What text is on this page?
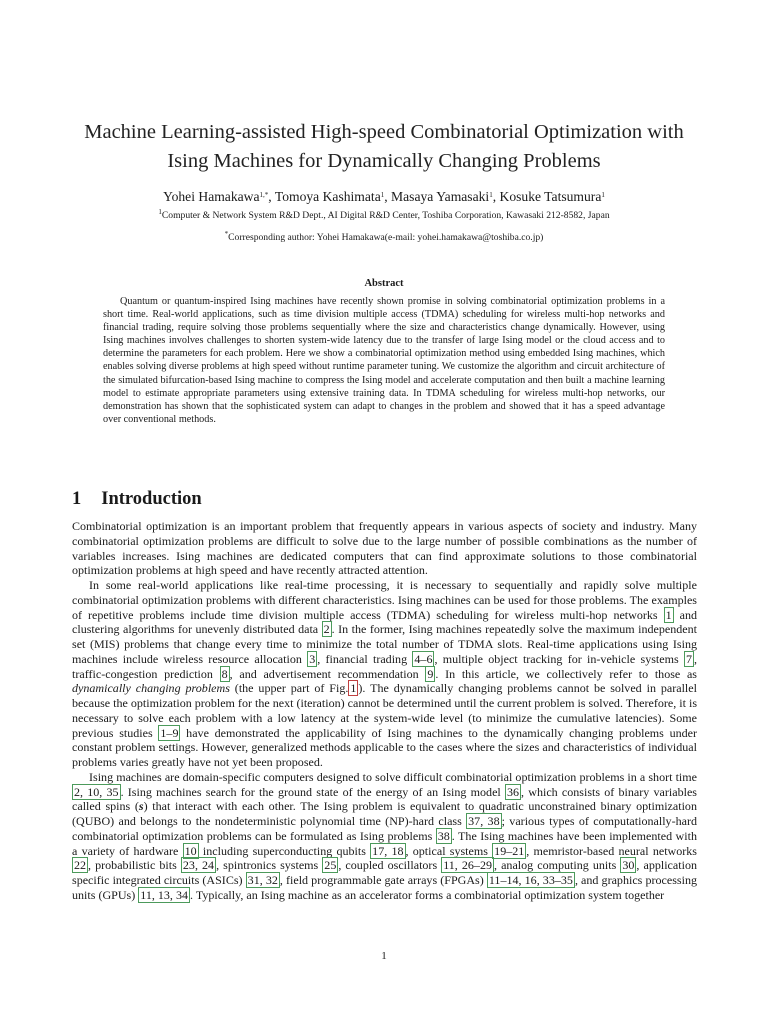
Machine Learning-assisted High-speed Combinatorial Optimization with
Ising Machines for Dynamically Changing Problems
Yohei Hamakawa$^{1,*}$, Tomoya Kashimata$^1$, Masaya Yamasaki$^1$, Kosuke Tatsumura$^1$
$^1$Computer & Network System R&D Dept., AI Digital R&D Center, Toshiba Corporation, Kawasaki 212-8582, Japan
*Corresponding author: Yohei Hamakawa(e-mail: yohei.hamakawa@toshiba.co.jp)
Abstract

Quantum or quantum-inspired Ising machines have recently shown promise in solving combinatorial optimization problems in a short time. Real-world applications, such as time division multiple access (TDMA) scheduling for wireless multi-hop networks and financial trading, require solving those problems sequentially where the size and characteristics change dynamically. However, using Ising machines involves challenges to shorten system-wide latency due to the transfer of large Ising model or the cloud access and to determine the parameters for each problem. Here we show a combinatorial optimization method using embedded Ising machines, which enables solving diverse problems at high speed without runtime parameter tuning. We customize the algorithm and circuit architecture of the simulated bifurcation-based Ising machine to compress the Ising model and accelerate computation and then built a machine learning model to estimate appropriate parameters using extensive training data. In TDMA scheduling for wireless multi-hop networks, our demonstration has shown that the sophisticated system can adapt to changes in the problem and showed that it has a speed advantage over conventional methods.

1 Introduction

Combinatorial optimization is an important problem that frequently appears in various aspects of society and industry. Many combinatorial optimization problems are difficult to solve due to the large number of possible combinations as the number of variables increases. Ising machines are dedicated computers that can find approximate solutions to those combinatorial optimization problems at high speed and have recently attracted attention.

In some real-world applications like real-time processing, it is necessary to sequentially and rapidly solve multiple combinatorial optimization problems with different characteristics. Ising machines can be used for those problems. The examples of repetitive problems include time division multiple access (TDMA) scheduling for wireless multi-hop networks 1 and clustering algorithms for unevenly distributed data 2 . In the former, Ising machines repeatedly solve the maximum independent set (MIS) problems that change every time to minimize the total number of TDMA slots. Real-time applications using Ising machines include wireless resource allocation 3 , financial trading 4–6 , multiple object tracking for in-vehicle systems 7 , traffic-congestion prediction 8 , and advertisement recommendation 9 . In this article, we collectively refer to those as dynamically changing problems (the upper part of Fig. 1 ). The dynamically changing problems cannot be solved in parallel because the optimization problem for the next (iteration) cannot be determined until the current problem is solved. Therefore, it is necessary to solve each problem with a low latency at the system-wide level (to minimize the cumulative latencies). Some previous studies 1–9 have demonstrated the applicability of Ising machines to the dynamically changing problems under constant problem settings. However, generalized methods applicable to the cases where the sizes and characteristics of individual problems varies greatly have not yet been proposed.

Ising machines are domain-specific computers designed to solve difficult combinatorial optimization problems in a short time 2, 10, 35 . Ising machines search for the ground state of the energy of an Ising model 36 , which consists of binary variables called spins (s) that interact with each other. The Ising problem is equivalent to quadratic unconstrained binary optimization (QUBO) and belongs to the nondeterministic polynomial time (NP)-hard class 37, 38 ; various types of computationally-hard combinatorial optimization problems can be formulated as Ising problems 38 . The Ising machines have been implemented with a variety of hardware 10 including superconducting qubits 17, 18 , optical systems 19–21 , memristor-based neural networks 22 , probabilistic bits 23, 24 , spintronics systems 25 , coupled oscillators 11, 26–29 , analog computing units 30 , application specific integrated circuits (ASICs) 31, 32 , field programmable gate arrays (FPGAs) 11–14, 16, 33–35 , and graphics processing units (GPUs) 11, 13, 34 . Typically, an Ising machine as an accelerator forms a combinatorial optimization system together

1
